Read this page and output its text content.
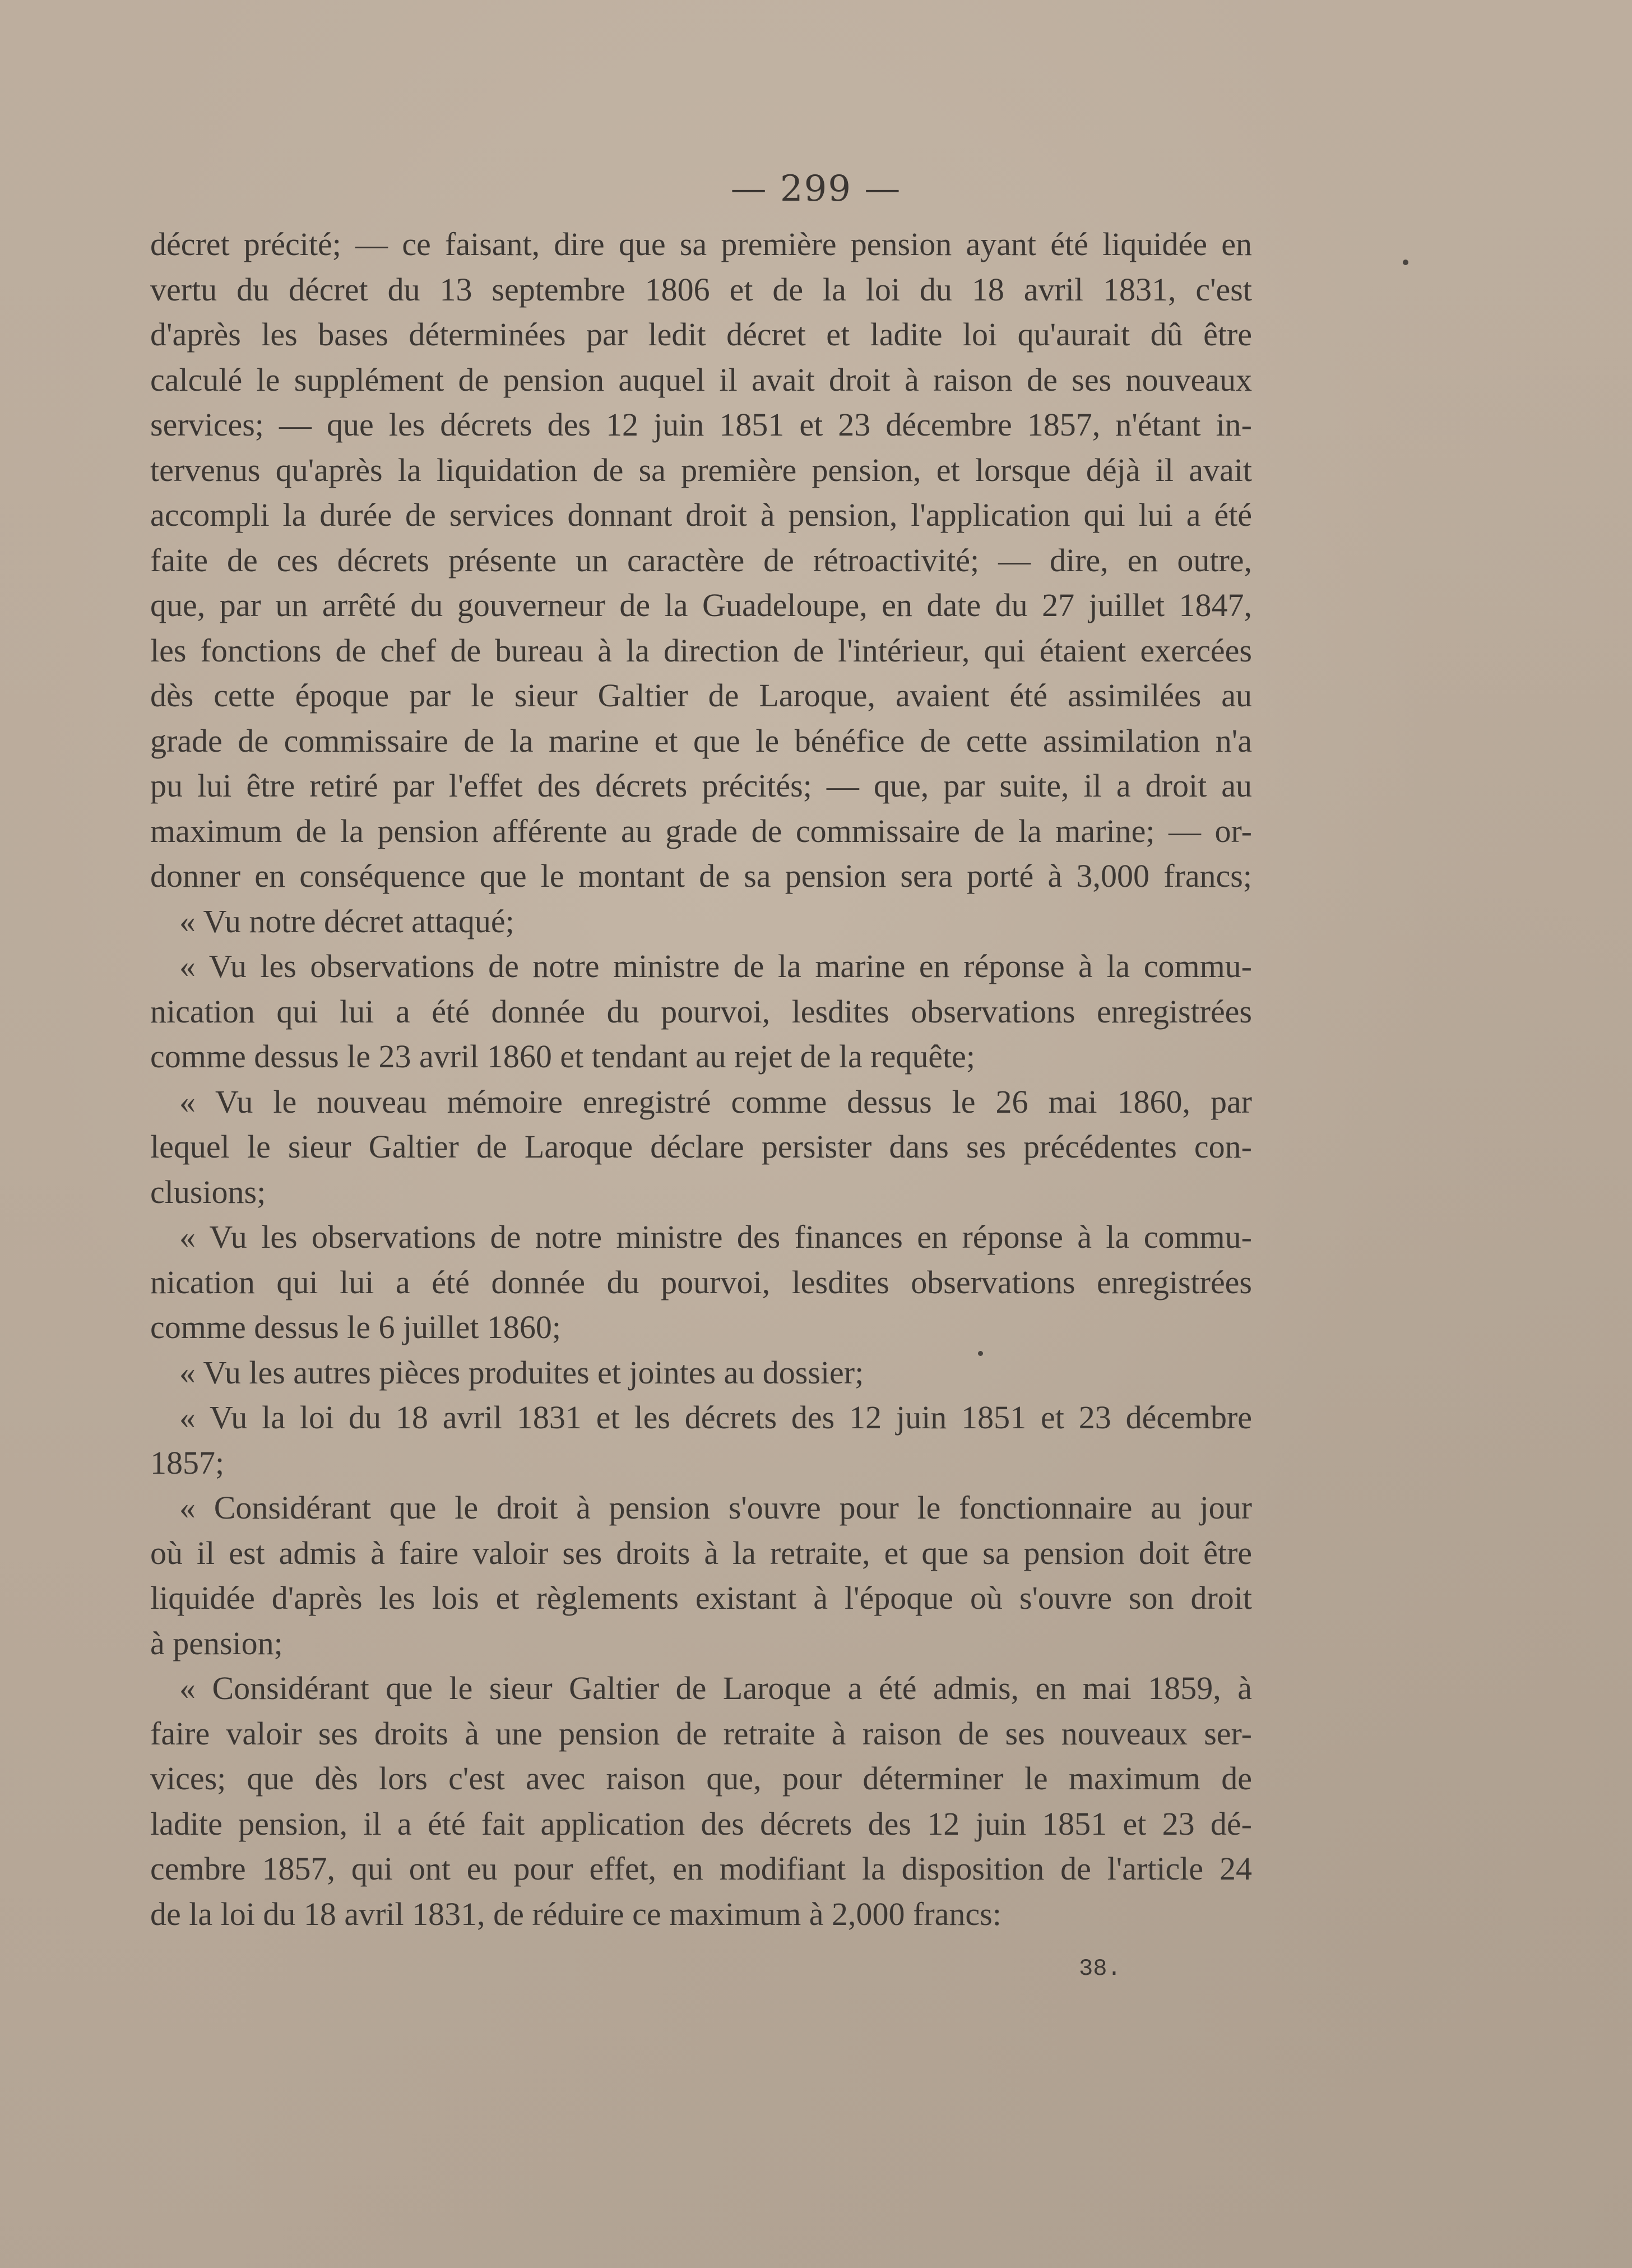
— 299 —
décret précité; — ce faisant, dire que sa première pension ayant été liquidée en
vertu du décret du 13 septembre 1806 et de la loi du 18 avril 1831, c'est
d'après les bases déterminées par ledit décret et ladite loi qu'aurait dû être
calculé le supplément de pension auquel il avait droit à raison de ses nouveaux
services; — que les décrets des 12 juin 1851 et 23 décembre 1857, n'étant in-
tervenus qu'après la liquidation de sa première pension, et lorsque déjà il avait
accompli la durée de services donnant droit à pension, l'application qui lui a été
faite de ces décrets présente un caractère de rétroactivité; — dire, en outre,
que, par un arrêté du gouverneur de la Guadeloupe, en date du 27 juillet 1847,
les fonctions de chef de bureau à la direction de l'intérieur, qui étaient exercées
dès cette époque par le sieur Galtier de Laroque, avaient été assimilées au
grade de commissaire de la marine et que le bénéfice de cette assimilation n'a
pu lui être retiré par l'effet des décrets précités; — que, par suite, il a droit au
maximum de la pension afférente au grade de commissaire de la marine; — or-
donner en conséquence que le montant de sa pension sera porté à 3,000 francs;
« Vu notre décret attaqué;
« Vu les observations de notre ministre de la marine en réponse à la commu-
nication qui lui a été donnée du pourvoi, lesdites observations enregistrées
comme dessus le 23 avril 1860 et tendant au rejet de la requête;
« Vu le nouveau mémoire enregistré comme dessus le 26 mai 1860, par
lequel le sieur Galtier de Laroque déclare persister dans ses précédentes con-
clusions;
« Vu les observations de notre ministre des finances en réponse à la commu-
nication qui lui a été donnée du pourvoi, lesdites observations enregistrées
comme dessus le 6 juillet 1860;
« Vu les autres pièces produites et jointes au dossier;
« Vu la loi du 18 avril 1831 et les décrets des 12 juin 1851 et 23 décembre
1857;
« Considérant que le droit à pension s'ouvre pour le fonctionnaire au jour
où il est admis à faire valoir ses droits à la retraite, et que sa pension doit être
liquidée d'après les lois et règlements existant à l'époque où s'ouvre son droit
à pension;
« Considérant que le sieur Galtier de Laroque a été admis, en mai 1859, à
faire valoir ses droits à une pension de retraite à raison de ses nouveaux ser-
vices; que dès lors c'est avec raison que, pour déterminer le maximum de
ladite pension, il a été fait application des décrets des 12 juin 1851 et 23 dé-
cembre 1857, qui ont eu pour effet, en modifiant la disposition de l'article 24
de la loi du 18 avril 1831, de réduire ce maximum à 2,000 francs:
38.
